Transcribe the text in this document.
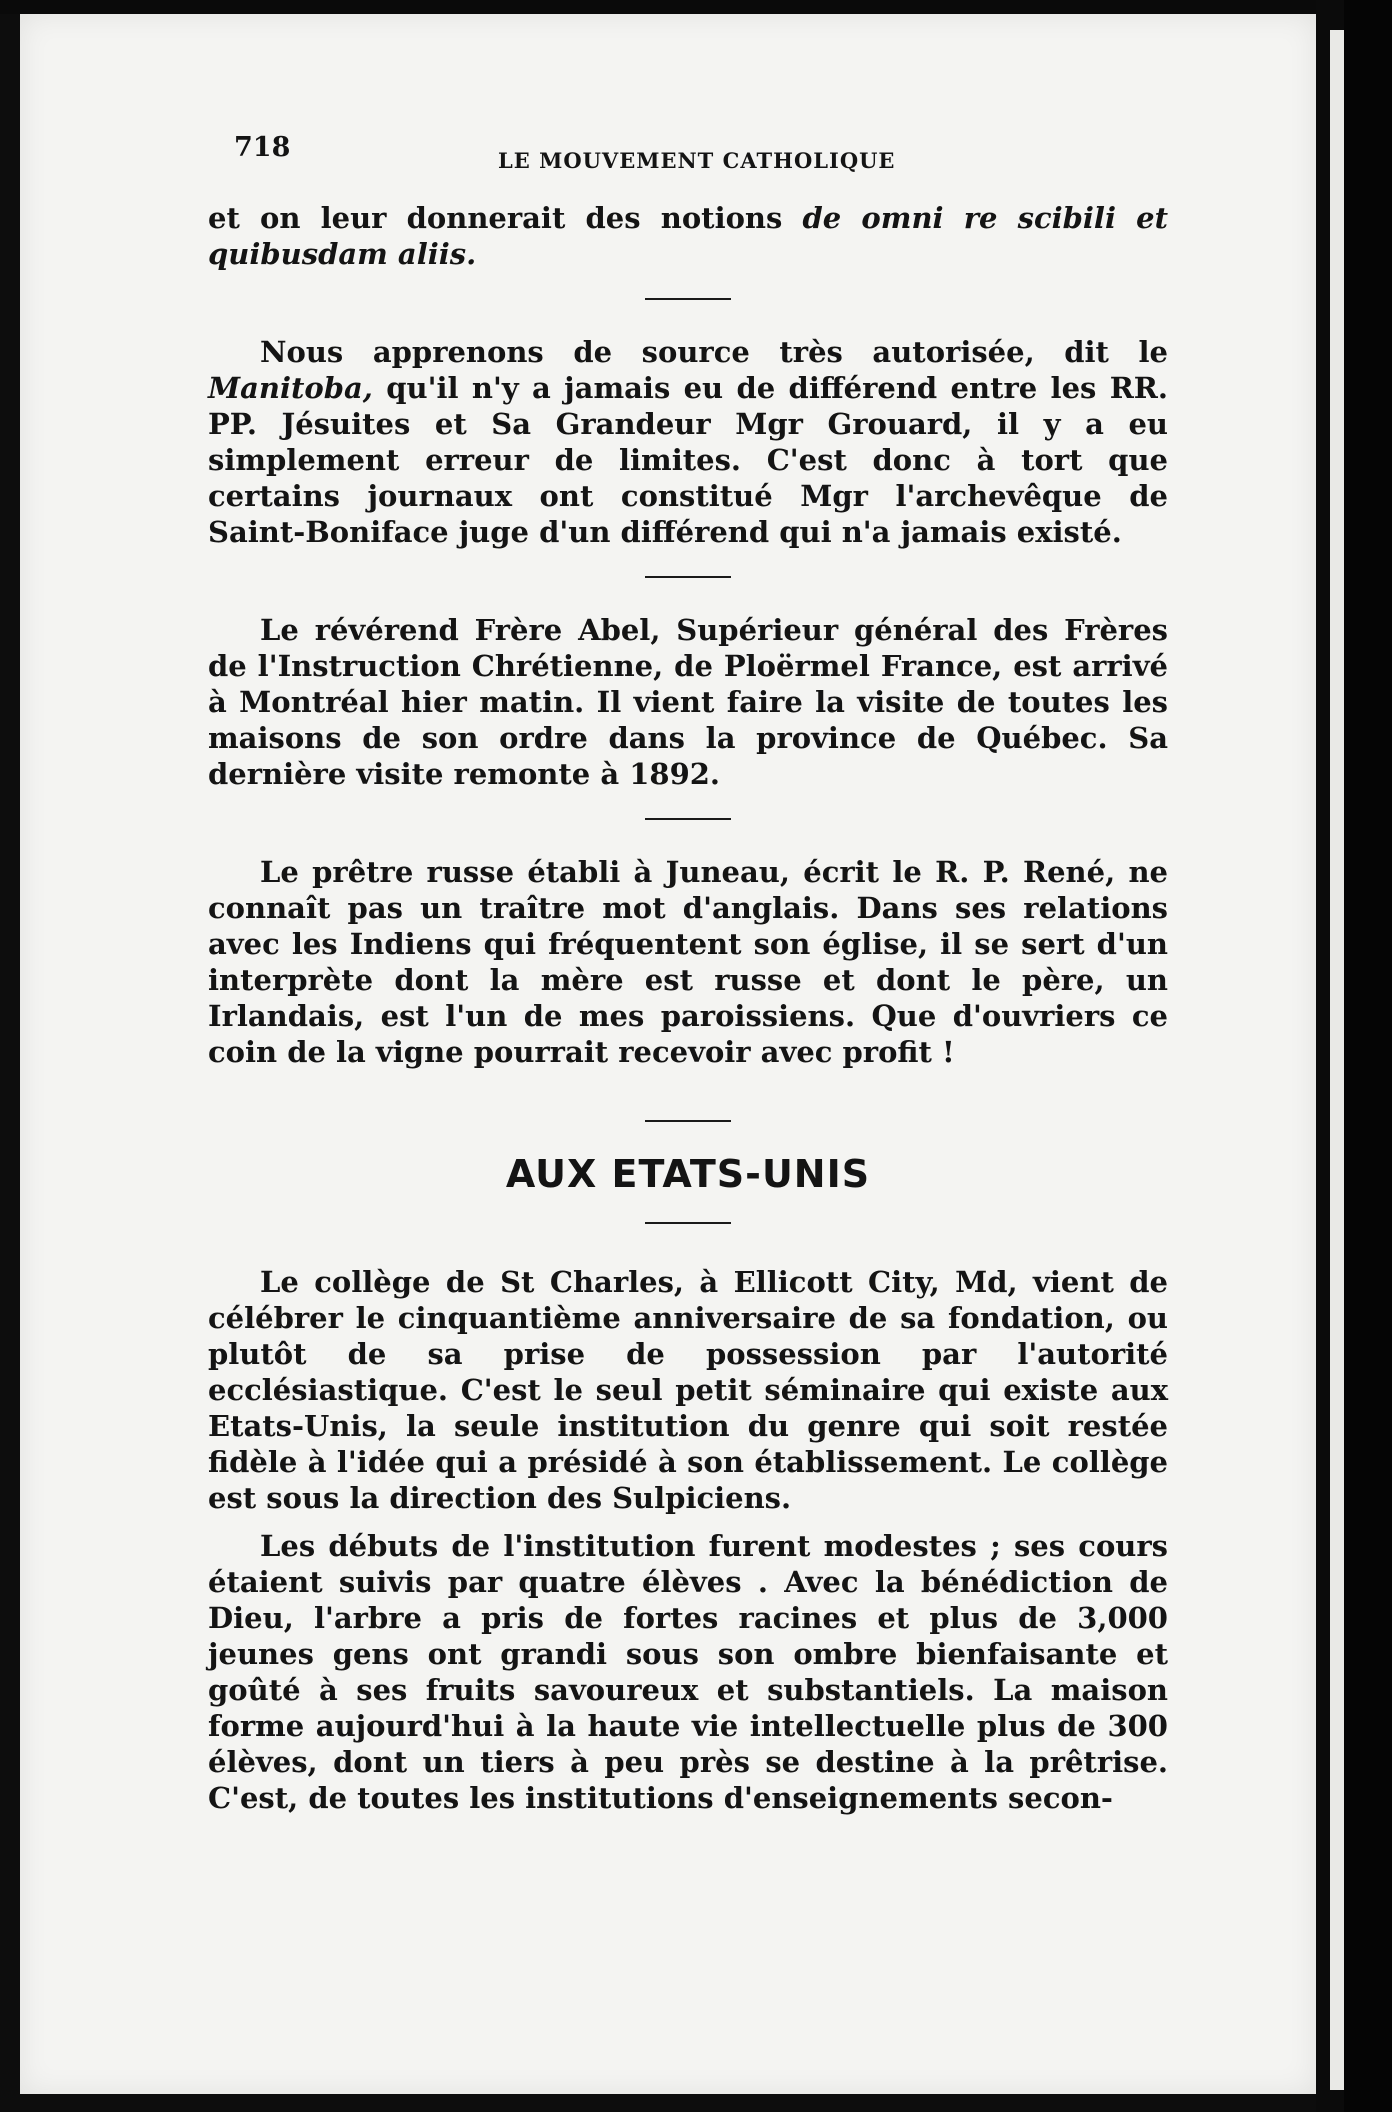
718	LE MOUVEMENT CATHOLIQUE

et on leur donnerait des notions de omni re scibili et quibusdam aliis.

Nous apprenons de source très autorisée, dit le Manitoba, qu'il n'y a jamais eu de différend entre les RR. PP. Jésuites et Sa Grandeur Mgr Grouard, il y a eu simplement erreur de limites. C'est donc à tort que certains journaux ont constitué Mgr l'archevêque de Saint-Boniface juge d'un différend qui n'a jamais existé.

Le révérend Frère Abel, Supérieur général des Frères de l'Instruction Chrétienne, de Ploërmel France, est arrivé à Montréal hier matin. Il vient faire la visite de toutes les maisons de son ordre dans la province de Québec. Sa dernière visite remonte à 1892.

Le prêtre russe établi à Juneau, écrit le R. P. René, ne connaît pas un traître mot d'anglais. Dans ses relations avec les Indiens qui fréquentent son église, il se sert d'un interprète dont la mère est russe et dont le père, un Irlandais, est l'un de mes paroissiens. Que d'ouvriers ce coin de la vigne pourrait recevoir avec profit !

AUX ETATS-UNIS

Le collège de St Charles, à Ellicott City, Md, vient de célébrer le cinquantième anniversaire de sa fondation, ou plutôt de sa prise de possession par l'autorité ecclésiastique. C'est le seul petit séminaire qui existe aux Etats-Unis, la seule institution du genre qui soit restée fidèle à l'idée qui a présidé à son établissement. Le collège est sous la direction des Sulpiciens.

Les débuts de l'institution furent modestes ; ses cours étaient suivis par quatre élèves . Avec la bénédiction de Dieu, l'arbre a pris de fortes racines et plus de 3,000 jeunes gens ont grandi sous son ombre bienfaisante et goûté à ses fruits savoureux et substantiels. La maison forme aujourd'hui à la haute vie intellectuelle plus de 300 élèves, dont un tiers à peu près se destine à la prêtrise. C'est, de toutes les institutions d'enseignements secon-
